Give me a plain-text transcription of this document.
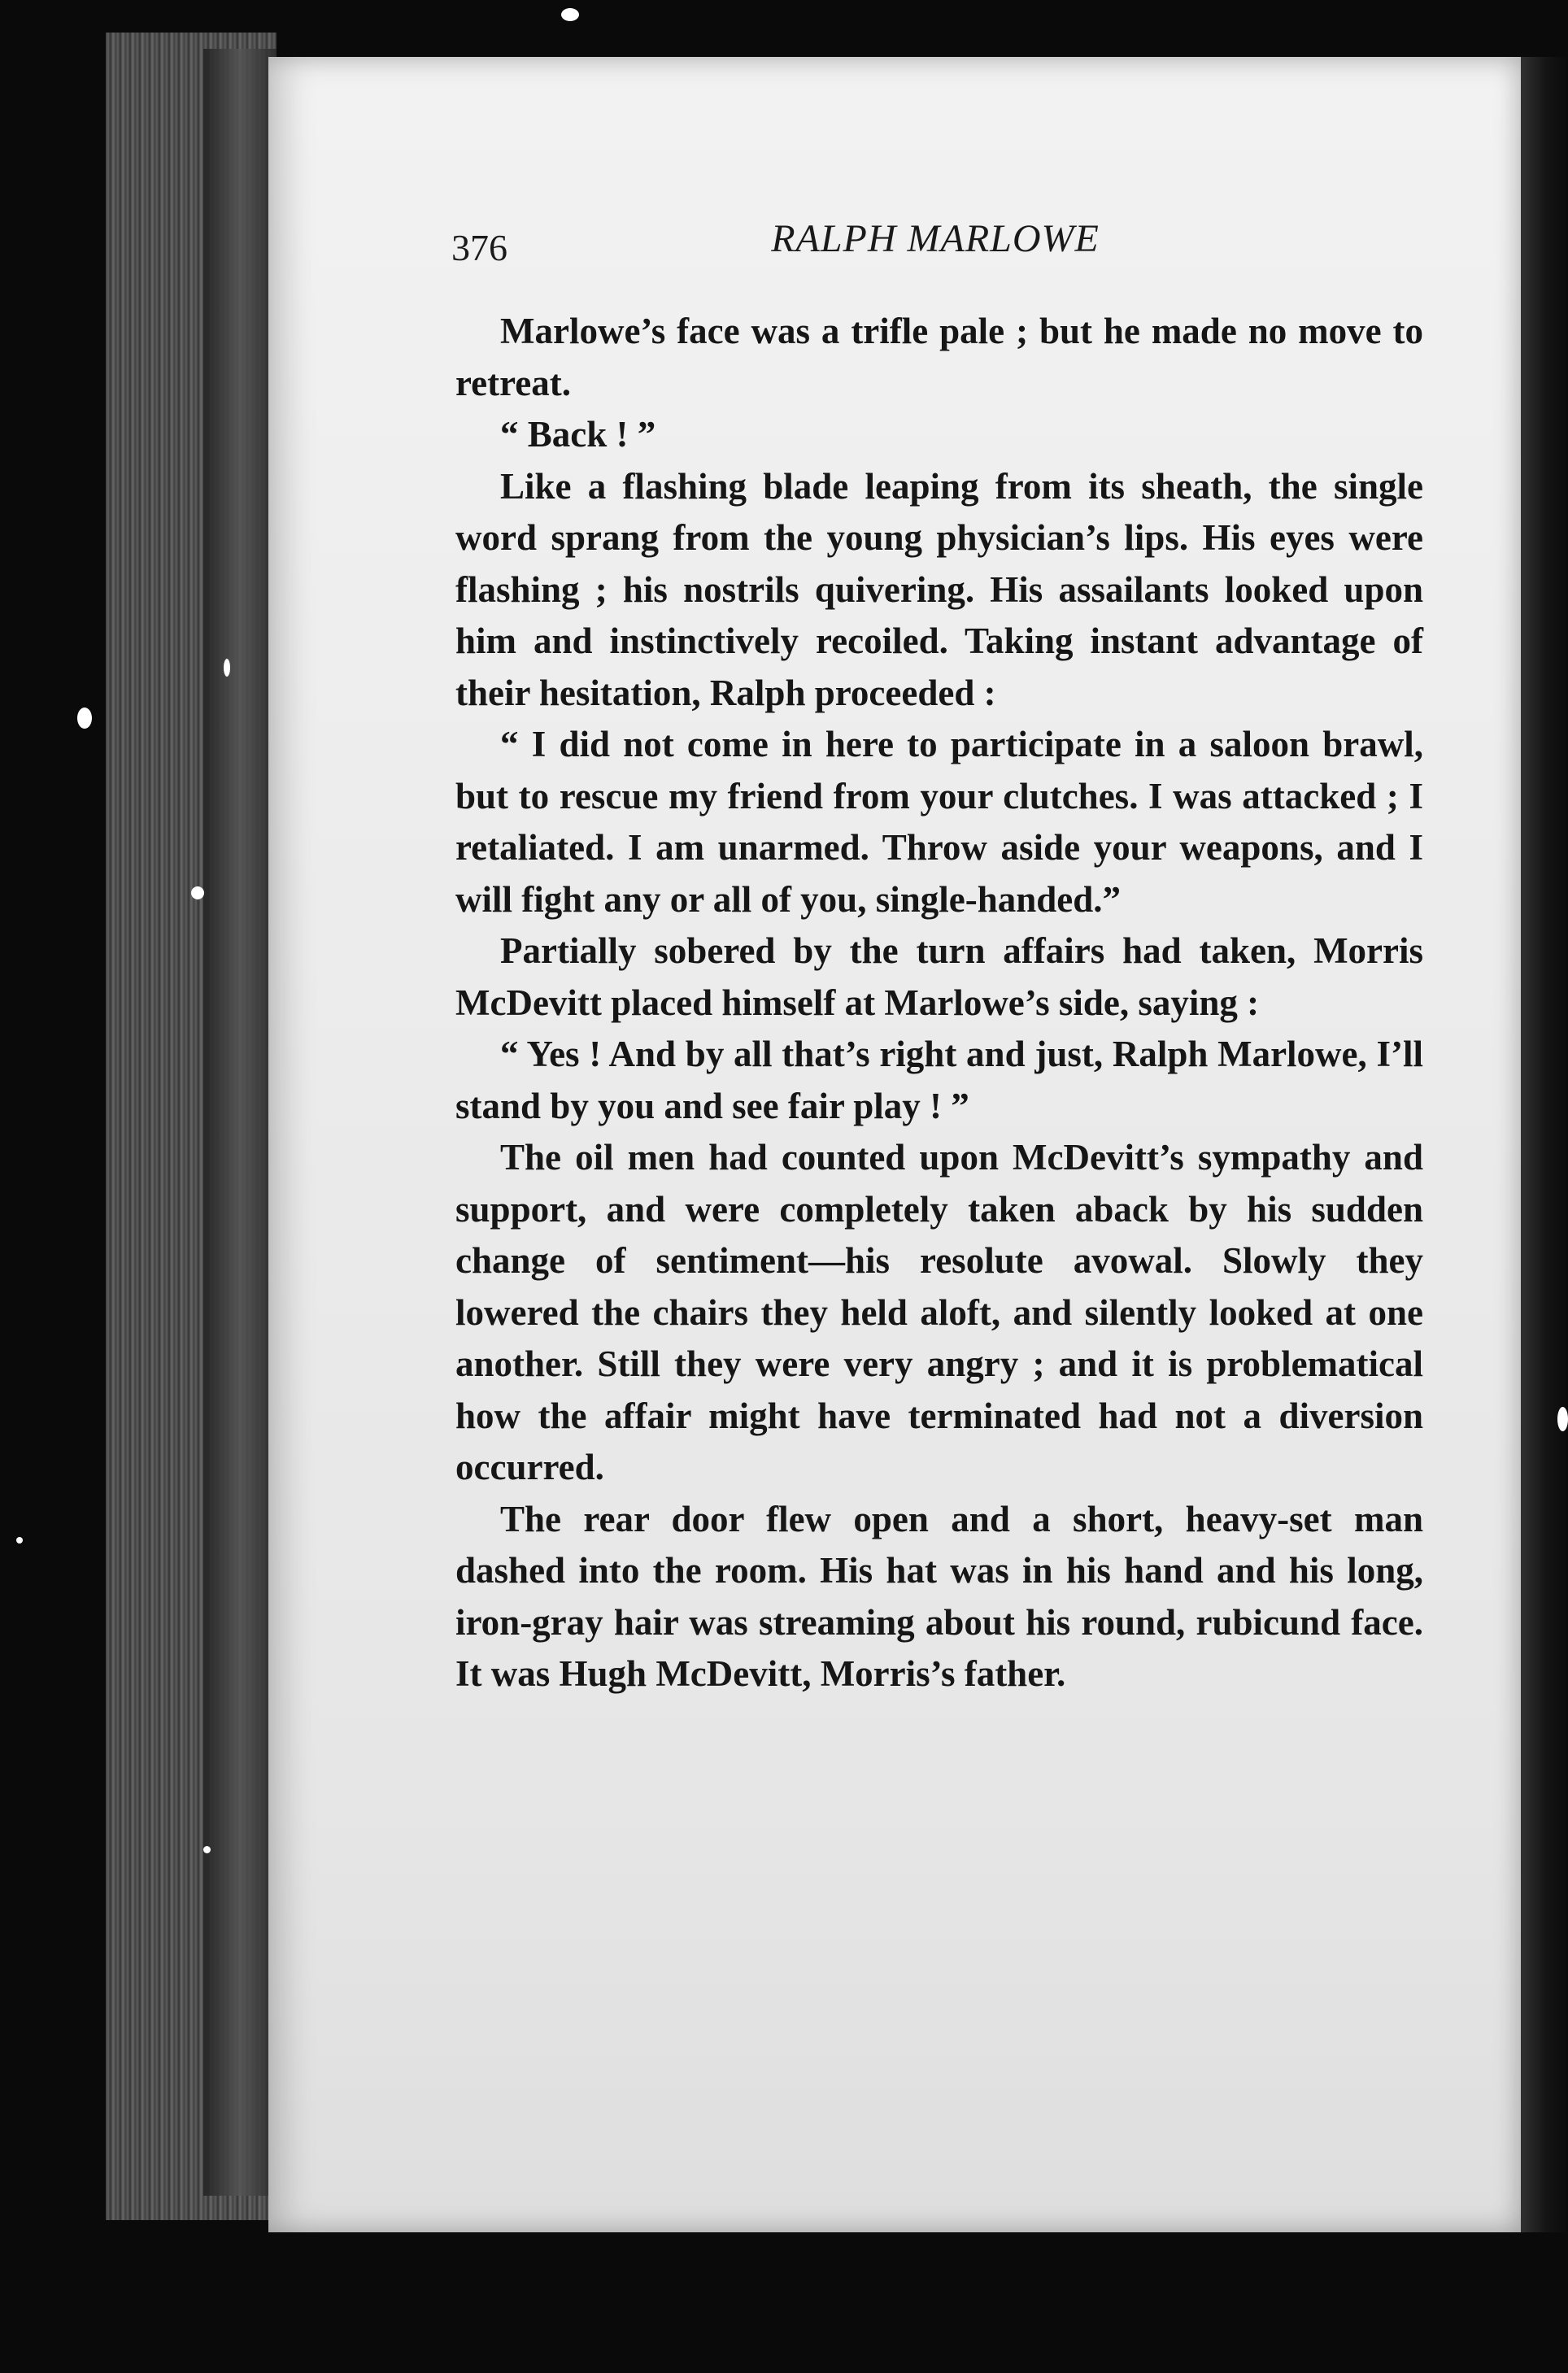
376	RALPH MARLOWE

Marlowe’s face was a trifle pale ; but he made no move to retreat.

“ Back ! ”

Like a flashing blade leaping from its sheath, the single word sprang from the young physician’s lips. His eyes were flashing ; his nostrils quivering. His assailants looked upon him and instinctively recoiled. Taking instant advantage of their hesitation, Ralph proceeded :

“ I did not come in here to participate in a saloon brawl, but to rescue my friend from your clutches. I was attacked ; I retaliated. I am unarmed. Throw aside your weapons, and I will fight any or all of you, single-handed.”

Partially sobered by the turn affairs had taken, Morris McDevitt placed himself at Marlowe’s side, saying :

“ Yes ! And by all that’s right and just, Ralph Marlowe, I’ll stand by you and see fair play ! ”

The oil men had counted upon McDevitt’s sympathy and support, and were completely taken aback by his sudden change of sentiment—his resolute avowal. Slowly they lowered the chairs they held aloft, and silently looked at one another. Still they were very angry ; and it is problematical how the affair might have terminated had not a diversion occurred.

The rear door flew open and a short, heavy-set man dashed into the room. His hat was in his hand and his long, iron-gray hair was streaming about his round, rubicund face. It was Hugh McDevitt, Morris’s father.
